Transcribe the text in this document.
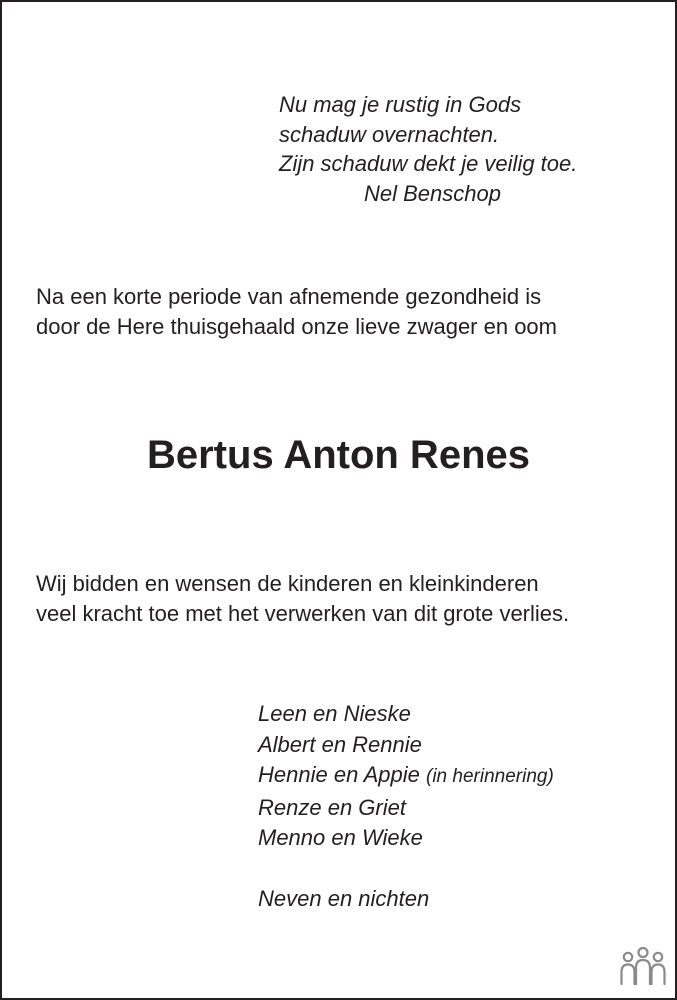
Nu mag je rustig in Gods
schaduw overnachten.
Zijn schaduw dekt je veilig toe.
Nel Benschop
Na een korte periode van afnemende gezondheid is
door de Here thuisgehaald onze lieve zwager en oom
Bertus Anton Renes
Wij bidden en wensen de kinderen en kleinkinderen
veel kracht toe met het verwerken van dit grote verlies.
Leen en Nieske
Albert en Rennie
Hennie en Appie (in herinnering)
Renze en Griet
Menno en Wieke
Neven en nichten
